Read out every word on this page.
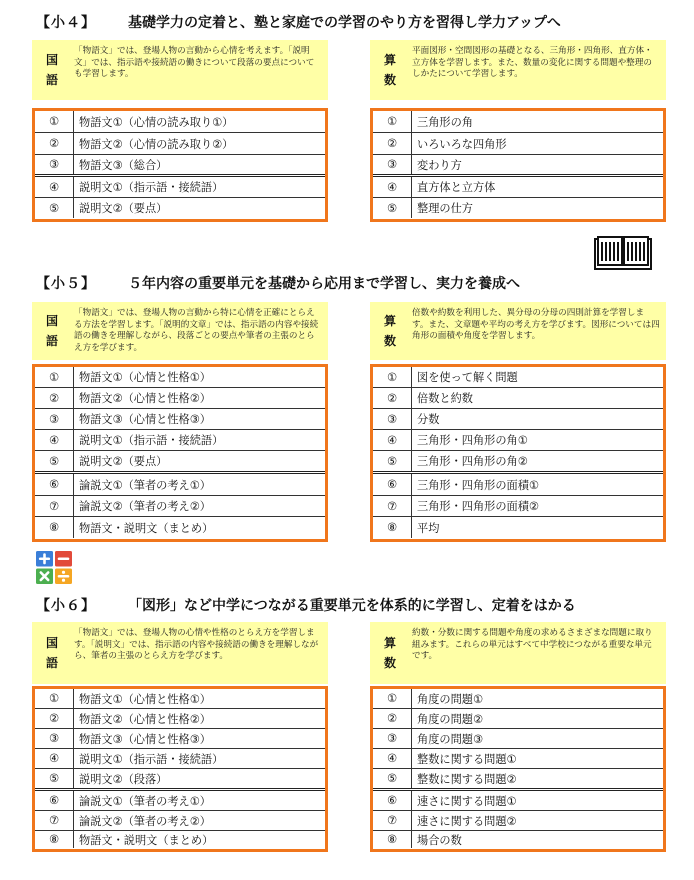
【小４】	基礎学力の定着と、塾と家庭での学習のやり方を習得し学力アップへ
国
語
「物語文」では、登場人物の言動から心情を考えます。「説明文」では、指示語や接続語の働きについて段落の要点についても学習します。
算
数
平面図形・空間図形の基礎となる、三角形・四角形、直方体・立方体を学習します。また、数量の変化に関する問題や整理のしかたについて学習します。
①	物語文①（心情の読み取り①）
②	物語文②（心情の読み取り②）
③	物語文③（総合）
④	説明文①（指示語・接続語）
⑤	説明文②（要点）
①	三角形の角
②	いろいろな四角形
③	変わり方
④	直方体と立方体
⑤	整理の仕方
【小５】	５年内容の重要単元を基礎から応用まで学習し、実力を養成へ
国
語
「物語文」では、登場人物の言動から特に心情を正確にとらえる方法を学習します。「説明的文章」では、指示語の内容や接続語の働きを理解しながら、段落ごとの要点や筆者の主張のとらえ方を学びます。
算
数
倍数や約数を利用した、異分母の分母の四則計算を学習します。また、文章題や平均の考え方を学びます。図形については四角形の面積や角度を学習します。
①	物語文①（心情と性格①）
②	物語文②（心情と性格②）
③	物語文③（心情と性格③）
④	説明文①（指示語・接続語）
⑤	説明文②（要点）
⑥	論説文①（筆者の考え①）
⑦	論説文②（筆者の考え②）
⑧	物語文・説明文（まとめ）
①	図を使って解く問題
②	倍数と約数
③	分数
④	三角形・四角形の角①
⑤	三角形・四角形の角②
⑥	三角形・四角形の面積①
⑦	三角形・四角形の面積②
⑧	平均
【小６】	「図形」など中学につながる重要単元を体系的に学習し、定着をはかる
国
語
「物語文」では、登場人物の心情や性格のとらえ方を学習します。「説明文」では、指示語の内容や接続語の働きを理解しながら、筆者の主張のとらえ方を学びます。
算
数
約数・分数に関する問題や角度の求めるさまざまな問題に取り組みます。これらの単元はすべて中学校につながる重要な単元です。
①	物語文①（心情と性格①）
②	物語文②（心情と性格②）
③	物語文③（心情と性格③）
④	説明文①（指示語・接続語）
⑤	説明文②（段落）
⑥	論説文①（筆者の考え①）
⑦	論説文②（筆者の考え②）
⑧	物語文・説明文（まとめ）
①	角度の問題①
②	角度の問題②
③	角度の問題③
④	整数に関する問題①
⑤	整数に関する問題②
⑥	速さに関する問題①
⑦	速さに関する問題②
⑧	場合の数
